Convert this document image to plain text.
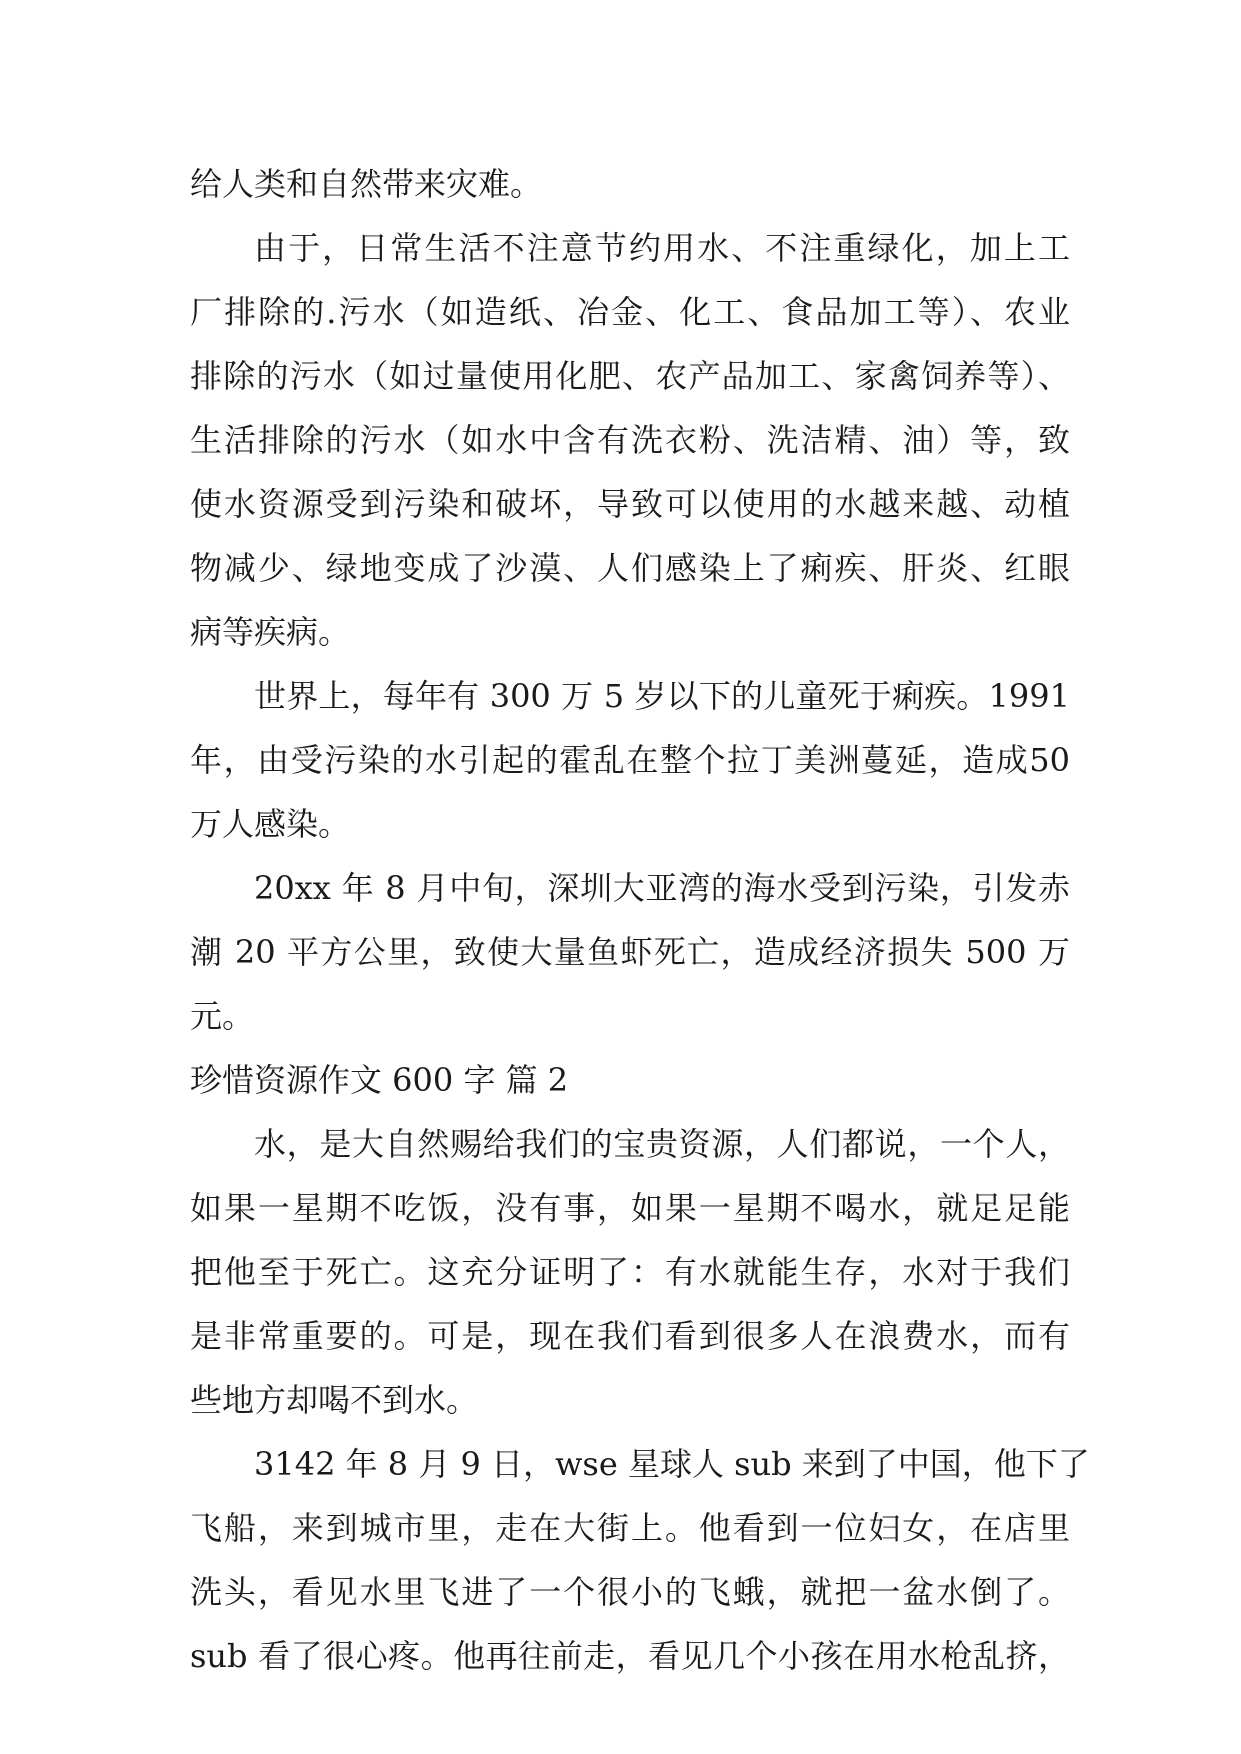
给人类和自然带来灾难。
由于，日常生活不注意节约用水、不注重绿化，加上工
厂排除的.污水（如造纸、冶金、化工、食品加工等）、农业
排除的污水（如过量使用化肥、农产品加工、家禽饲养等）、
生活排除的污水（如水中含有洗衣粉、洗洁精、油）等，致
使水资源受到污染和破坏，导致可以使用的水越来越、动植
物减少、绿地变成了沙漠、人们感染上了痢疾、肝炎、红眼
病等疾病。
世界上，每年有 300 万 5 岁以下的儿童死于痢疾。1991
年，由受污染的水引起的霍乱在整个拉丁美洲蔓延，造成50
万人感染。
20xx 年 8 月中旬，深圳大亚湾的海水受到污染，引发赤
潮 20 平方公里，致使大量鱼虾死亡，造成经济损失 500 万
元。
珍惜资源作文 600 字 篇 2
水，是大自然赐给我们的宝贵资源，人们都说，一个人，
如果一星期不吃饭，没有事，如果一星期不喝水，就足足能
把他至于死亡。这充分证明了：有水就能生存，水对于我们
是非常重要的。可是，现在我们看到很多人在浪费水，而有
些地方却喝不到水。
3142 年 8 月 9 日，wse 星球人 sub 来到了中国，他下了
飞船，来到城市里，走在大街上。他看到一位妇女，在店里
洗头，看见水里飞进了一个很小的飞蛾，就把一盆水倒了。
sub 看了很心疼。他再往前走，看见几个小孩在用水枪乱挤，
